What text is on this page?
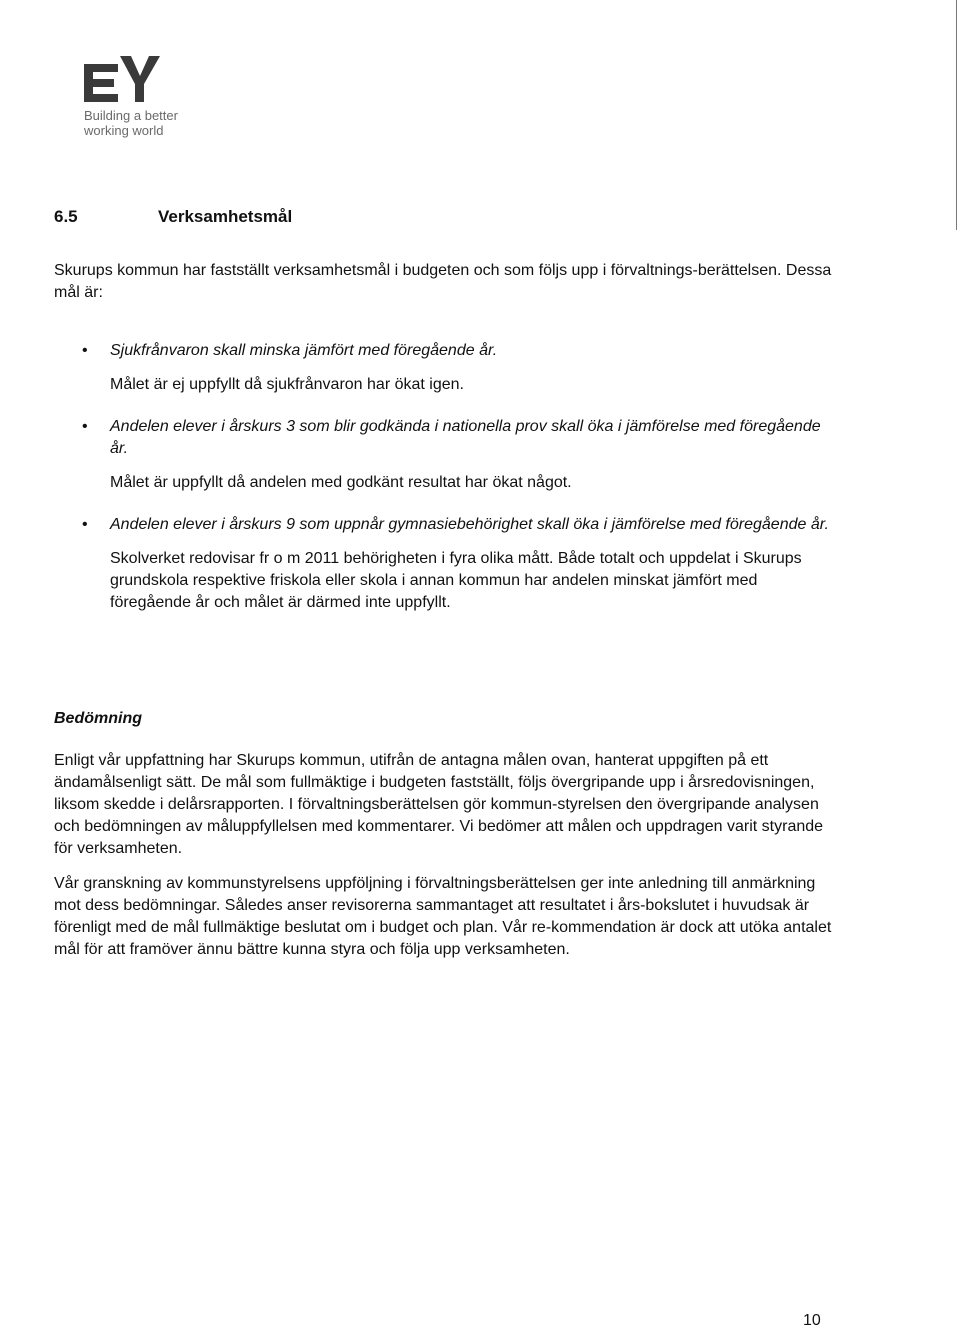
Building a better
working world
6.5	Verksamhetsmål

Skurups kommun har fastställt verksamhetsmål i budgeten och som följs upp i förvaltnings-berättelsen. Dessa mål är:

• Sjukfrånvaron skall minska jämfört med föregående år.
Målet är ej uppfyllt då sjukfrånvaron har ökat igen.
• Andelen elever i årskurs 3 som blir godkända i nationella prov skall öka i jämförelse med föregående år.
Målet är uppfyllt då andelen med godkänt resultat har ökat något.
• Andelen elever i årskurs 9 som uppnår gymnasiebehörighet skall öka i jämförelse med föregående år.
Skolverket redovisar fr o m 2011 behörigheten i fyra olika mått. Både totalt och uppdelat i Skurups grundskola respektive friskola eller skola i annan kommun har andelen minskat jämfört med föregående år och målet är därmed inte uppfyllt.
Bedömning

Enligt vår uppfattning har Skurups kommun, utifrån de antagna målen ovan, hanterat uppgiften på ett ändamålsenligt sätt. De mål som fullmäktige i budgeten fastställt, följs övergripande upp i årsredovisningen, liksom skedde i delårsrapporten. I förvaltningsberättelsen gör kommun-styrelsen den övergripande analysen och bedömningen av måluppfyllelsen med kommentarer. Vi bedömer att målen och uppdragen varit styrande för verksamheten.

Vår granskning av kommunstyrelsens uppföljning i förvaltningsberättelsen ger inte anledning till anmärkning mot dess bedömningar. Således anser revisorerna sammantaget att resultatet i års-bokslutet i huvudsak är förenligt med de mål fullmäktige beslutat om i budget och plan. Vår re-kommendation är dock att utöka antalet mål för att framöver ännu bättre kunna styra och följa upp verksamheten.

10
